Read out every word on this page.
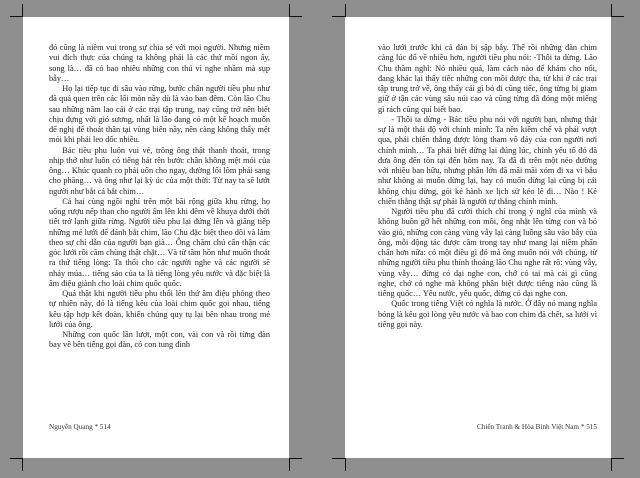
đó cũng là niềm vui trong sự chia sẻ với mọi người. Nhưng niềm vui đích thực của chúng ta không phải là các thứ mồi ngon ấy, song là… đã có bao nhiêu những con thú vì nghe nhầm mà sụp bẫy…

Họ lại tiếp tục đi sâu vào rừng, bước chân người tiều phu như đã quá quen trên các lối mòn nầy dù là vào ban đêm. Còn lão Chu sau những năm lao cải ở các trại tập trung, nay cũng trở nên biết chịu đựng với gió sương, nhất là lão đang có một kế hoạch muốn để nghị để thoát thân tại vùng biên nầy, nên càng không thấy mệt mỏi khi phải leo dốc nhiều.

Bác tiều phu luôn vui vẻ, trông ông thật thanh thoát, trong nhịp thở như luôn có tiếng hát rên bước chân không mệt mỏi của ông… Khúc quanh co phải uốn cho ngay, đường lối lõm phải sang cho phăng… và ông như lại kỳ úc của một thời: Từ nay ta sẽ lướt người như bắt cá bắt chim…

Cả hai cùng ngồi nghỉ trên một bãi rộng giữa khu rừng, họ uống rượu nếp than cho người ấm lên khi đêm về khuya dưới thời tiết trở lạnh giữa rừng. Người tiều phu lại đứng lên và giăng tiếp những mẻ lưới để đánh bắt chim, lão Chu đặc biệt theo dõi và làm theo sự chỉ dẫn của người bạn già… Ông chăm chú cẩn thận các góc lưới rồi cầm chùng thật chặt… Và từ tầm hồn như muốn thoát ra thứ tiếng lòng: Ta thổi cho các người nghe và các người sẽ nhảy múa… tiếng sáo của ta là tiếng lòng yêu nước và đặc biệt là âm điệu giành cho loài chim quốc quốc.

Quả thật khi người tiều phu thổi lên thứ âm điệu phỏng theo tự nhiên nầy, đó là tiếng kêu của loài chim quốc gọi nhau, tiếng kêu tập hợp kết đoàn, khiến chúng quy tụ lại bên nhau trong mẻ lưới của ông.

Những con quốc lần lượt, một con, vài con và rồi từng đàn bay về bên tiếng gọi đàn, có con tung đình

Nguyễn Quang * 514

vào lưới trước khi cả đàn bị sập bẫy. Thế rồi những đàn chim càng lúc đổ về nhiều hơn, người tiều phu nói: -Thôi ta dừng. Lão Chu thầm nghĩ: Nó nhiều quá, làm cách nào để khám cho nổi, đang khác lại thấy tiếc những con mồi được tha, từ khi ở các trại tập trung trở về, ông thấy cái gì bỏ đi cũng tiếc, ông từng bị giam giữ ở tận các vùng sâu núi cao và cũng từng đã đóng một miếng gì rách cũng quí biết bao.

- Thôi ta dừng - Bác tiều phu nói với người bạn, nhưng thật sự là một thái độ với chính mình: Ta nên kiềm chế và phải vượt qua, phải chiến thắng được lòng tham vô đáy của con người nơi chính mình… Ta phải biết dừng lại đúng lúc, chính yếu tố đó đã đưa ông đến tồn tại đến hôm nay. Ta đã đi trên một nẻo đường với nhiều ban hữu, nhưng phần lớn đã mãi mãi xóm đi xa vì bẫu như không ai muốn dừng lại, hay có muốn dừng lại cũng bị cái không chịu dừng, gói kẻ hành xe lịch sử kéo lê đi… Nào ! Kẻ chiến thắng thật sự phải là người tự thắng chính mình.

Người tiều phu đã cười thích chí trong ý nghĩ của mình và không buồn gỡ hết những con mồi, ông nhặt lên từng con và bỏ vào giỏ, những con càng vùng vẫy lại càng luồng sâu vào bẫy của ông, mỗi động tác được cầm trong tay như mang lại niềm phấn chấn hơn nữa: có một điều gì đó mà ông muốn nói với chúng, từ những người tiều phu thính thoảng lão Chu nghe rất rõ: vùng vẫy, vùng vẫy… đừng có dại nghe con, chớ có tai mà cái gì cũng nghe, chớ có nghe mà không phân biệt được tiếng nào cũng là tiếng quốc… Yêu nước, yêu quốc, đừng có dại nghe con.

Quốc trong tiếng Việt có nghĩa là nước. Ở đây nó mang nghĩa bóng là kêu gọi lòng yêu nước và bao con chim đã chết, sa lưới vì tiếng gọi này.

Chiến Tranh & Hòa Bình Việt Nam * 515
